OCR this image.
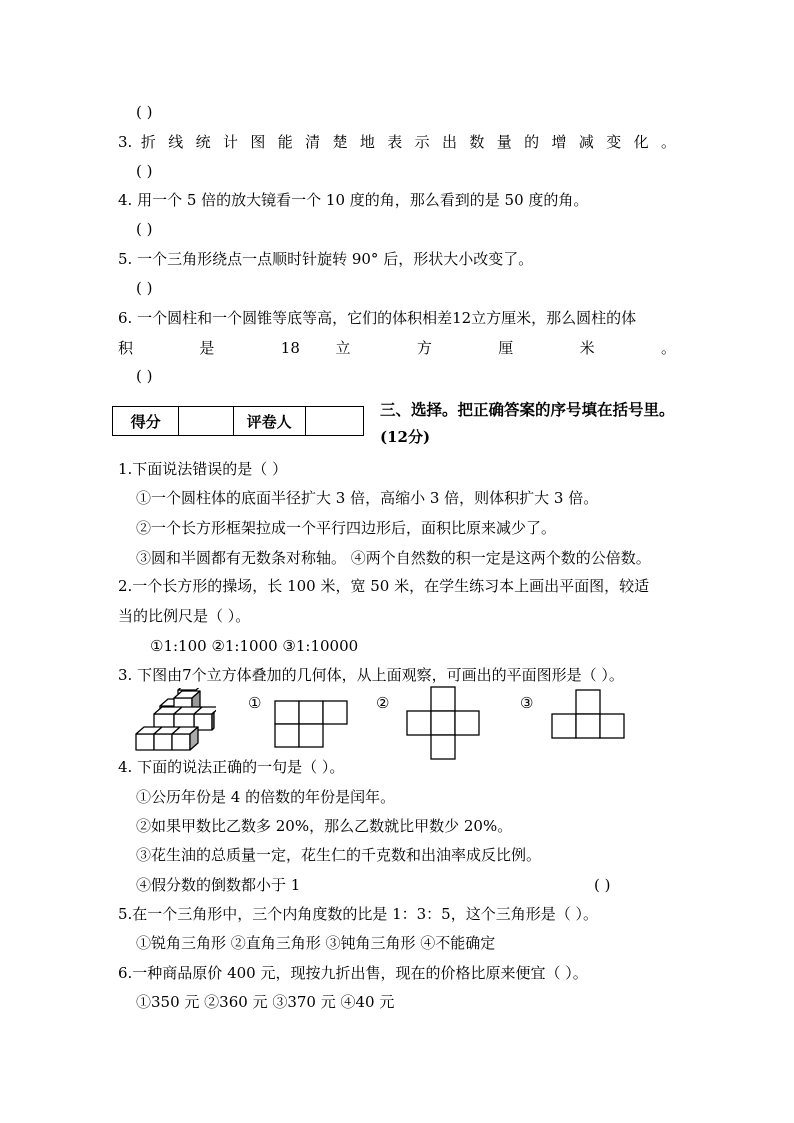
( )
3. 折 线 统 计 图 能 清 楚 地 表 示 出 数 量 的 增 减 变 化 。
( )
4. 用一个 5 倍的放大镜看一个 10 度的角，那么看到的是 50 度的角。
( )
5. 一个三角形绕点一点顺时针旋转 90° 后，形状大小改变了。
( )
6. 一个圆柱和一个圆锥等底等高，它们的体积相差12立方厘米，那么圆柱的体
积 是 18 立 方 厘 米 。
( )
得分		评卷人	
三、选择。把正确答案的序号填在括号里。
(12分)
1.下面说法错误的是（ ）
①一个圆柱体的底面半径扩大 3 倍，高缩小 3 倍，则体积扩大 3 倍。
②一个长方形框架拉成一个平行四边形后，面积比原来减少了。
③圆和半圆都有无数条对称轴。 ④两个自然数的积一定是这两个数的公倍数。
2.一个长方形的操场，长 100 米，宽 50 米，在学生练习本上画出平面图，较适
当的比例尺是（ ）。
①1:100 ②1:1000 ③1:10000
3. 下图由7个立方体叠加的几何体，从上面观察，可画出的平面图形是（ ）。
①	②	③
4. 下面的说法正确的一句是（ ）。
①公历年份是 4 的倍数的年份是闰年。
②如果甲数比乙数多 20%，那么乙数就比甲数少 20%。
③花生油的总质量一定，花生仁的千克数和出油率成反比例。
④假分数的倒数都小于 1	( )
5.在一个三角形中，三个内角度数的比是 1：3：5，这个三角形是（ ）。
①锐角三角形 ②直角三角形 ③钝角三角形 ④不能确定
6.一种商品原价 400 元，现按九折出售，现在的价格比原来便宜（ ）。
①350 元 ②360 元 ③370 元 ④40 元
